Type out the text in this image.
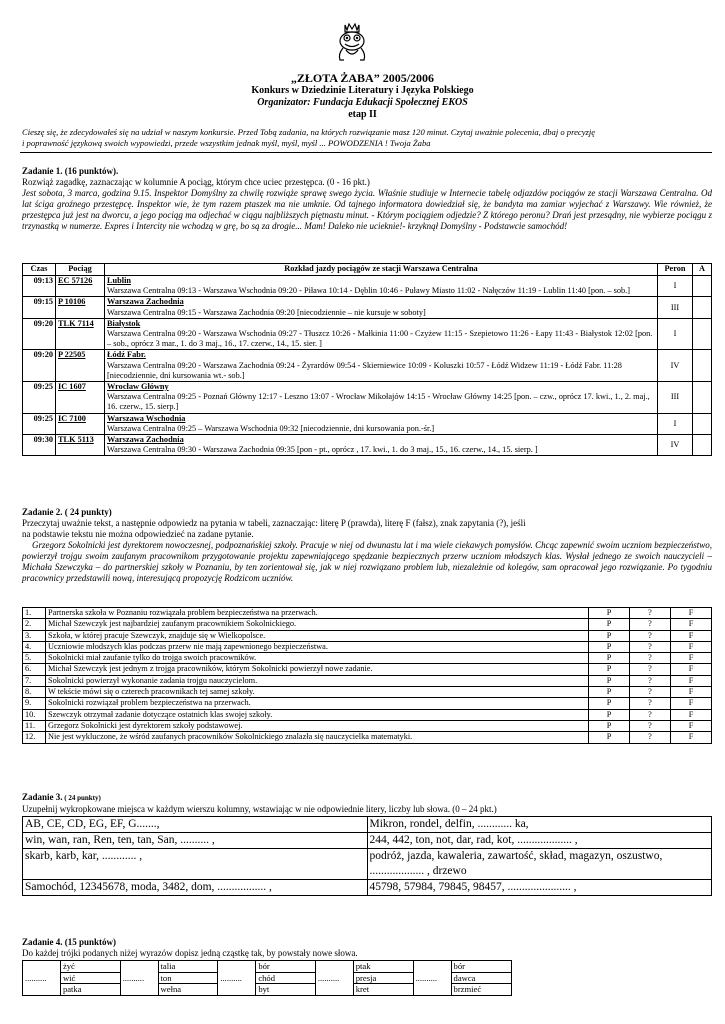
„ZŁOTA ŻABA” 2005/2006
Konkurs w Dziedzinie Literatury i Języka Polskiego
Organizator: Fundacja Edukacji Społecznej EKOS
etap II
Cieszę się, że zdecydowałeś się na udział w naszym konkursie. Przed Tobą zadania, na których rozwiązanie masz 120 minut. Czytaj uważnie polecenia, dbaj o precyzję
i poprawność językową swoich wypowiedzi, przede wszystkim jednak myśl, myśl, myśl ... POWODZENIA ! Twoja Żaba
Zadanie 1. (16 punktów).
Rozwiąż zagadkę, zaznaczając w kolumnie A pociąg, którym chce uciec przestępca. (0 - 16 pkt.)
Jest sobota, 3 marca, godzina 9.15. Inspektor Domyślny za chwilę rozwiąże sprawę swego życia. Właśnie studiuje w Internecie tabelę odjazdów pociągów ze stacji Warszawa Centralna. Od lat ściga groźnego przestępcę. Inspektor wie, że tym razem ptaszek ma nie umknie. Od tajnego informatora dowiedział się, że bandyta ma zamiar wyjechać z Warszawy. Wie również, że przestępca już jest na dworcu, a jego pociąg ma odjechać w ciągu najbliższych piętnastu minut. - Którym pociągiem odjedzie? Z którego peronu? Drań jest przesądny, nie wybierze pociągu z trzynastką w numerze. Expres i Intercity nie wchodzą w grę, bo są za drogie... Mam! Daleko nie ucieknie!- krzyknął Domyślny - Podstawcie samochód!
Czas	Pociąg	Rozkład jazdy pociągów ze stacji Warszawa Centralna	Peron	A
09:13	EC 57126	Lublin
Warszawa Centralna 09:13 - Warszawa Wschodnia 09:20 - Piława 10:14 - Dęblin 10:46 - Puławy Miasto 11:02 - Nałęczów 11:19 - Lublin 11:40 [pon. – sob.]	I	
09:15	P 10106	Warszawa Zachodnia
Warszawa Centralna 09:15 - Warszawa Zachodnia 09:20 [niecodziennie – nie kursuje w soboty]	III	
09:20	TLK 7114	Białystok
Warszawa Centralna 09:20 - Warszawa Wschodnia 09:27 - Tłuszcz 10:26 - Małkinia 11:00 - Czyżew 11:15 - Szepietowo 11:26 - Łapy 11:43 - Białystok 12:02 [pon. – sob., oprócz 3 mar., 1. do 3 maj., 16., 17. czerw., 14., 15. sier. ]	I	
09:20	P 22505	Łódź Fabr.
Warszawa Centralna 09:20 - Warszawa Zachodnia 09:24 - Żyrardów 09:54 - Skierniewice 10:09 - Koluszki 10:57 - Łódź Widzew 11:19 - Łódź Fabr. 11:28 [niecodziennie, dni kursowania wt.- sob.]	IV	
09:25	IC 1607	Wrocław Główny
Warszawa Centralna 09:25 - Poznań Główny 12:17 - Leszno 13:07 - Wrocław Mikołajów 14:15 - Wrocław Główny 14:25 [pon. – czw., oprócz 17. kwi., 1., 2. maj., 16. czerw., 15. sierp.]	III	
09:25	IC 7100	Warszawa Wschodnia
Warszawa Centralna 09:25 – Warszawa Wschodnia 09:32 [niecodziennie, dni kursowania pon.-śr.]	I	
09:30	TLK 5113	Warszawa Zachodnia
Warszawa Centralna 09:30 - Warszawa Zachodnia 09:35 [pon - pt., oprócz , 17. kwi., 1. do 3 maj., 15., 16. czerw., 14., 15. sierp. ]	IV	
Zadanie 2. ( 24 punkty)
Przeczytaj uważnie tekst, a następnie odpowiedz na pytania w tabeli, zaznaczając: literę P (prawda), literę F (fałsz), znak zapytania (?), jeśli
na podstawie tekstu nie można odpowiedzieć na zadane pytanie.
Grzegorz Sokolnicki jest dyrektorem nowoczesnej, podpoznańskiej szkoły. Pracuje w niej od dwunastu lat i ma wiele ciekawych pomysłów. Chcąc zapewnić swoim uczniom bezpieczeństwo, powierzył trojgu swoim zaufanym pracownikom przygotowanie projektu zapewniającego spędzanie bezpiecznych przerw uczniom młodszych klas. Wysłał jednego ze swoich nauczycieli – Michała Szewczyka – do partnerskiej szkoły w Poznaniu, by ten zorientował się, jak w niej rozwiązano problem lub, niezależnie od kolegów, sam opracował jego rozwiązanie. Po tygodniu pracownicy przedstawili nową, interesującą propozycję Rodzicom uczniów.
1.	Partnerska szkoła w Poznaniu rozwiązała problem bezpieczeństwa na przerwach.	P	?	F
2.	Michał Szewczyk jest najbardziej zaufanym pracownikiem Sokolnickiego.	P	?	F
3.	Szkoła, w której pracuje Szewczyk, znajduje się w Wielkopolsce.	P	?	F
4.	Uczniowie młodszych klas podczas przerw nie mają zapewnionego bezpieczeństwa.	P	?	F
5.	Sokolnicki miał zaufanie tylko do trojga swoich pracowników.	P	?	F
6.	Michał Szewczyk jest jednym z trojga pracowników, którym Sokolnicki powierzył nowe zadanie.	P	?	F
7.	Sokolnicki powierzył wykonanie zadania trojgu nauczycielom.	P	?	F
8.	W tekście mówi się o czterech pracownikach tej samej szkoły.	P	?	F
9.	Sokolnicki rozwiązał problem bezpieczeństwa na przerwach.	P	?	F
10.	Szewczyk otrzymał zadanie dotyczące ostatnich klas swojej szkoły.	P	?	F
11.	Grzegorz Sokolnicki jest dyrektorem szkoły podstawowej.	P	?	F
12.	Nie jest wykluczone, że wśród zaufanych pracowników Sokolnickiego znalazła się nauczycielka matematyki.	P	?	F
Zadanie 3. ( 24 punkty)
Uzupełnij wykropkowane miejsca w każdym wierszu kolumny, wstawiając w nie odpowiednie litery, liczby lub słowa. (0 – 24 pkt.)
AB, CE, CD, EG, EF, G.......,	Mikron, rondel, delfin, ............ ka,
win, wan, ran, Ren, ten, tan, San, .......... ,	244, 442, ton, not, dar, rad, kot, ................... ,
skarb, karb, kar, ............ ,	podróż, jazda, kawaleria, zawartość, skład, magazyn, oszustwo, ................... , drzewo
Samochód, 12345678, moda, 3482, dom, ................. ,	45798, 57984, 79845, 98457, ...................... ,
Zadanie 4. (15 punktów)
Do każdej trójki podanych niżej wyrazów dopisz jedną cząstkę tak, by powstały nowe słowa.
..........	żyć	..........	talia	..........	bór	..........	ptak	..........	bór
	wić		ton		chód		presja		dawca
	patka		wełna		byt		kret		brzmieć
